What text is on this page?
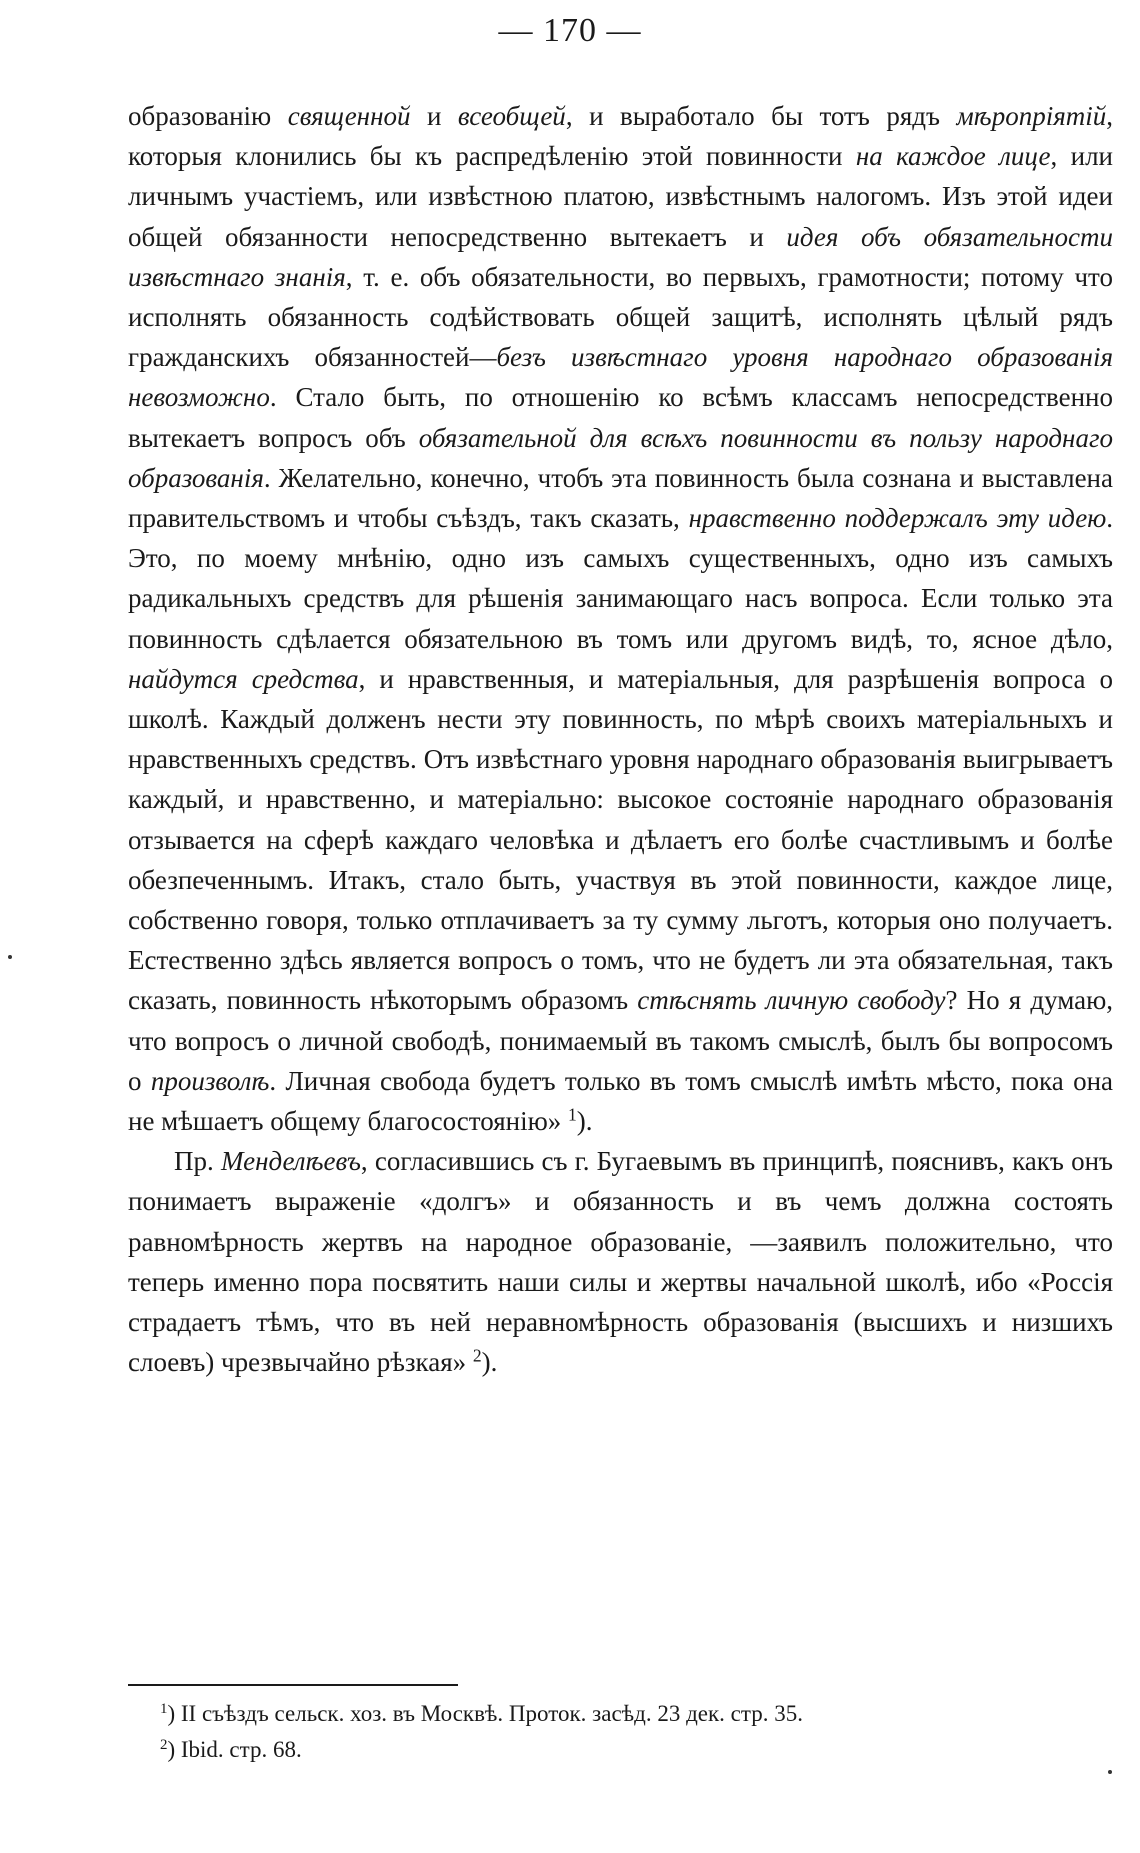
— 170 —

образованію священной и всеобщей, и выработало бы тотъ рядъ мѣропріятій, которыя клонились бы къ распредѣленію этой повинности на каждое лице, или личнымъ участіемъ, или извѣстною платою, извѣстнымъ налогомъ. Изъ этой идеи общей обязанности непосредственно вытекаетъ и идея объ обязательности извѣстнаго знанія, т. е. объ обязательности, во первыхъ, грамотности; потому что исполнять обязанность содѣйствовать общей защитѣ, исполнять цѣлый рядъ гражданскихъ обязанностей—безъ извѣстнаго уровня народнаго образованія невозможно. Стало быть, по отношенію ко всѣмъ классамъ непосредственно вытекаетъ вопросъ объ обязательной для всѣхъ повинности въ пользу народнаго образованія. Желательно, конечно, чтобъ эта повинность была сознана и выставлена правительствомъ и чтобы съѣздъ, такъ сказать, нравственно поддержалъ эту идею. Это, по моему мнѣнію, одно изъ самыхъ существенныхъ, одно изъ самыхъ радикальныхъ средствъ для рѣшенія занимающаго насъ вопроса. Если только эта повинность сдѣлается обязательною въ томъ или другомъ видѣ, то, ясное дѣло, найдутся средства, и нравственныя, и матеріальныя, для разрѣшенія вопроса о школѣ. Каждый долженъ нести эту повинность, по мѣрѣ своихъ матеріальныхъ и нравственныхъ средствъ. Отъ извѣстнаго уровня народнаго образованія выигрываетъ каждый, и нравственно, и матеріально: высокое состояніе народнаго образованія отзывается на сферѣ каждаго человѣка и дѣлаетъ его болѣе счастливымъ и болѣе обезпеченнымъ. Итакъ, стало быть, участвуя въ этой повинности, каждое лице, собственно говоря, только отплачиваетъ за ту сумму льготъ, которыя оно получаетъ. Естественно здѣсь является вопросъ о томъ, что не будетъ ли эта обязательная, такъ сказать, повинность нѣкоторымъ образомъ стѣснять личную свободу? Но я думаю, что вопросъ о личной свободѣ, понимаемый въ такомъ смыслѣ, былъ бы вопросомъ о произволѣ. Личная свобода будетъ только въ томъ смыслѣ имѣть мѣсто, пока она не мѣшаетъ общему благосостоянію» $^1$).

Пр. Менделѣевъ, согласившись съ г. Бугаевымъ въ принципѣ, пояснивъ, какъ онъ понимаетъ выраженіе «долгъ» и обязанность и въ чемъ должна состоять равномѣрность жертвъ на народное образованіе, —заявилъ положительно, что теперь именно пора посвятить наши силы и жертвы начальной школѣ, ибо «Россія страдаетъ тѣмъ, что въ ней неравномѣрность образованія (высшихъ и низшихъ слоевъ) чрезвычайно рѣзкая» $^2$).

$^1$) II съѣздъ сельск. хоз. въ Москвѣ. Проток. засѣд. 23 дек. стр. 35.
$^2$) Ibid. стр. 68.
